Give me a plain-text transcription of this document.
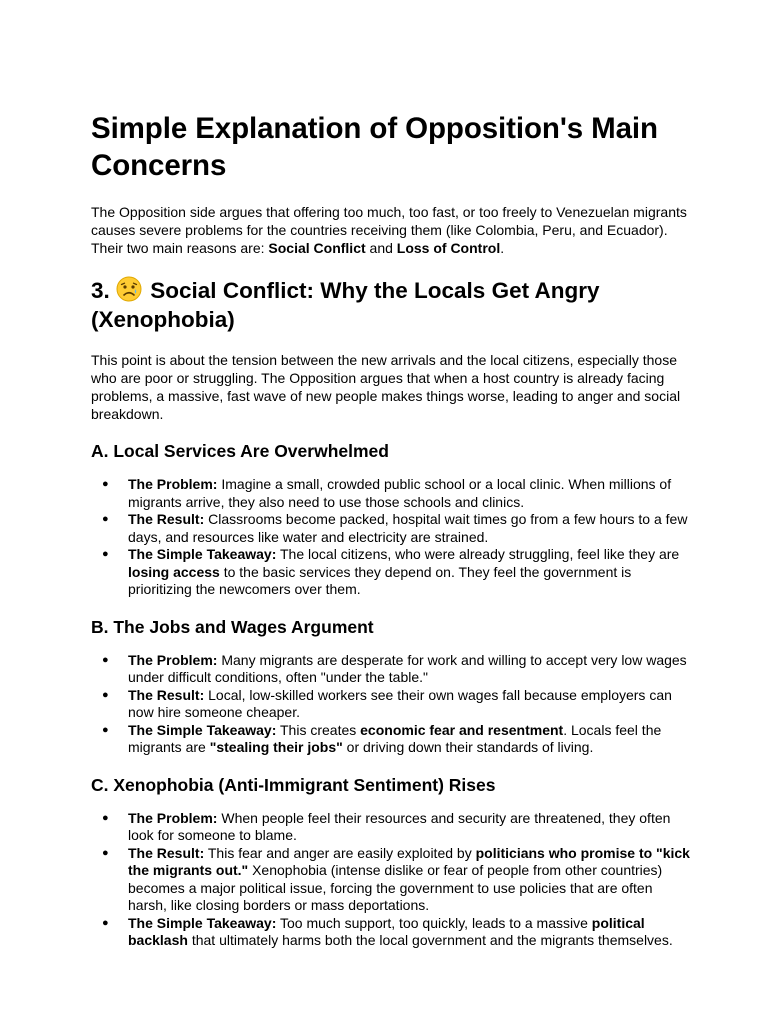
Simple Explanation of Opposition's Main Concerns

The Opposition side argues that offering too much, too fast, or too freely to Venezuelan migrants causes severe problems for the countries receiving them (like Colombia, Peru, and Ecuador). Their two main reasons are: Social Conflict and Loss of Control.

3.  Social Conflict: Why the Locals Get Angry (Xenophobia)

This point is about the tension between the new arrivals and the local citizens, especially those who are poor or struggling. The Opposition argues that when a host country is already facing problems, a massive, fast wave of new people makes things worse, leading to anger and social breakdown.

A. Local Services Are Overwhelmed
● The Problem: Imagine a small, crowded public school or a local clinic. When millions of migrants arrive, they also need to use those schools and clinics.
● The Result: Classrooms become packed, hospital wait times go from a few hours to a few days, and resources like water and electricity are strained.
● The Simple Takeaway: The local citizens, who were already struggling, feel like they are losing access to the basic services they depend on. They feel the government is prioritizing the newcomers over them.
B. The Jobs and Wages Argument
● The Problem: Many migrants are desperate for work and willing to accept very low wages under difficult conditions, often "under the table."
● The Result: Local, low-skilled workers see their own wages fall because employers can now hire someone cheaper.
● The Simple Takeaway: This creates economic fear and resentment. Locals feel the migrants are "stealing their jobs" or driving down their standards of living.
C. Xenophobia (Anti-Immigrant Sentiment) Rises
● The Problem: When people feel their resources and security are threatened, they often look for someone to blame.
● The Result: This fear and anger are easily exploited by politicians who promise to "kick the migrants out." Xenophobia (intense dislike or fear of people from other countries) becomes a major political issue, forcing the government to use policies that are often harsh, like closing borders or mass deportations.
● The Simple Takeaway: Too much support, too quickly, leads to a massive political backlash that ultimately harms both the local government and the migrants themselves.
